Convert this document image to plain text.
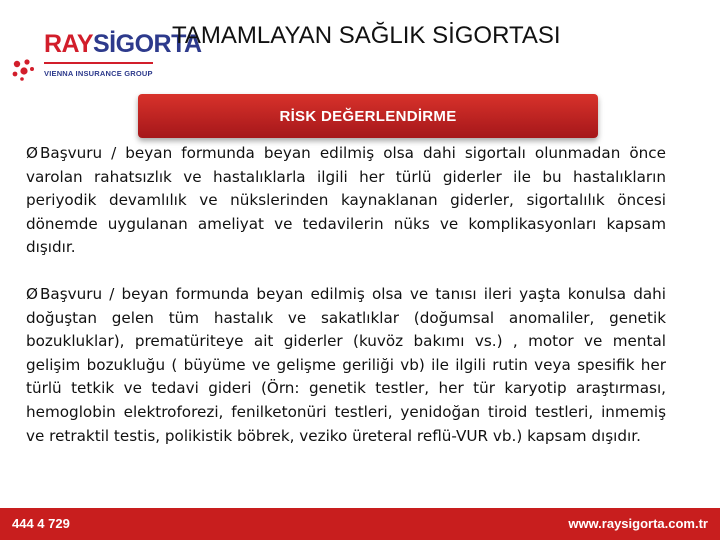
RAYSİGORTA
VIENNA INSURANCE GROUP
TAMAMLAYAN SAĞLIK SİGORTASI
RİSK DEĞERLENDİRME

Ø Başvuru / beyan formunda beyan edilmiş olsa dahi sigortalı olunmadan önce varolan rahatsızlık ve hastalıklarla ilgili her türlü giderler ile bu hastalıkların periyodik devamlılık ve nükslerinden kaynaklanan giderler, sigortalılık öncesi dönemde uygulanan ameliyat ve tedavilerin nüks ve komplikasyonları kapsam dışıdır.

Ø Başvuru / beyan formunda beyan edilmiş olsa ve tanısı ileri yaşta konulsa dahi doğuştan gelen tüm hastalık ve sakatlıklar (doğumsal anomaliler, genetik bozukluklar), prematüriteye ait giderler (kuvöz bakımı vs.) , motor ve mental gelişim bozukluğu ( büyüme ve gelişme geriliği vb) ile ilgili rutin veya spesifik her türlü tetkik ve tedavi gideri (Örn: genetik testler, her tür karyotip araştırması, hemoglobin elektroforezi, fenilketonüri testleri, yenidoğan tiroid testleri, inmemiş ve retraktil testis, polikistik böbrek, veziko üreteral reflü-VUR vb.) kapsam dışıdır.

444 4 729	www.raysigorta.com.tr
